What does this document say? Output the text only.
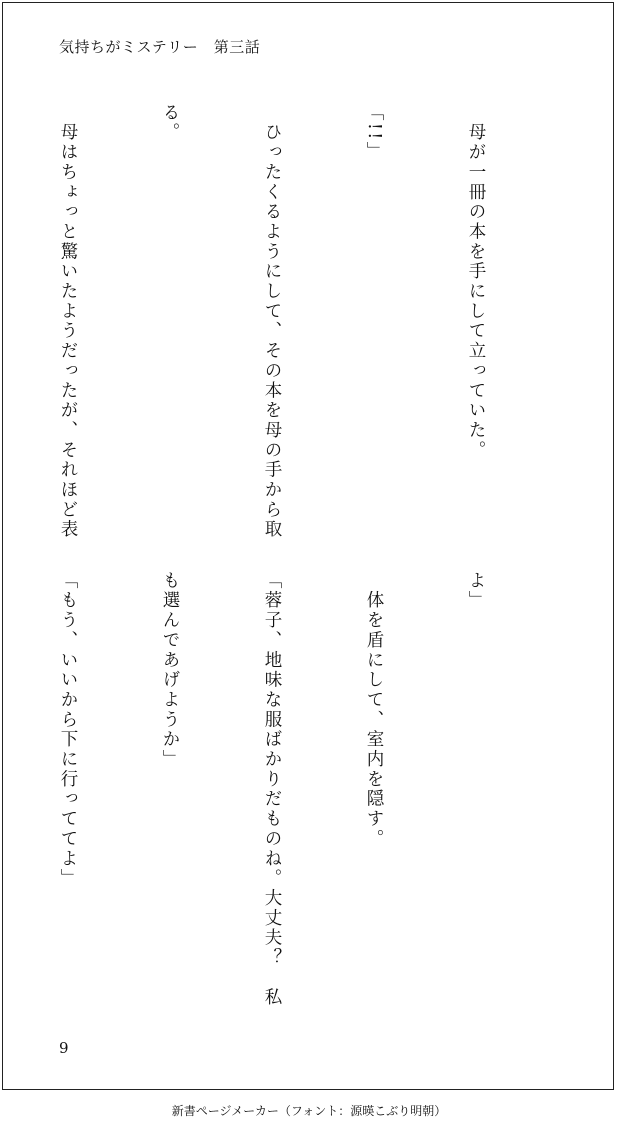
気持ちがミステリー　第三話

　母が一冊の本を手にして立っていた。

「!!」

　ひったくるようにして、その本を母の手から取

る。

　母はちょっと驚いたようだったが、それほど表

よ」

　体を盾にして、室内を隠す。

「蓉子、地味な服ばかりだものね。大丈夫？　私

も選んであげようか」

「もう、いいから下に行っててよ」

9
新書ページメーカー（フォント：源暎こぶり明朝）
